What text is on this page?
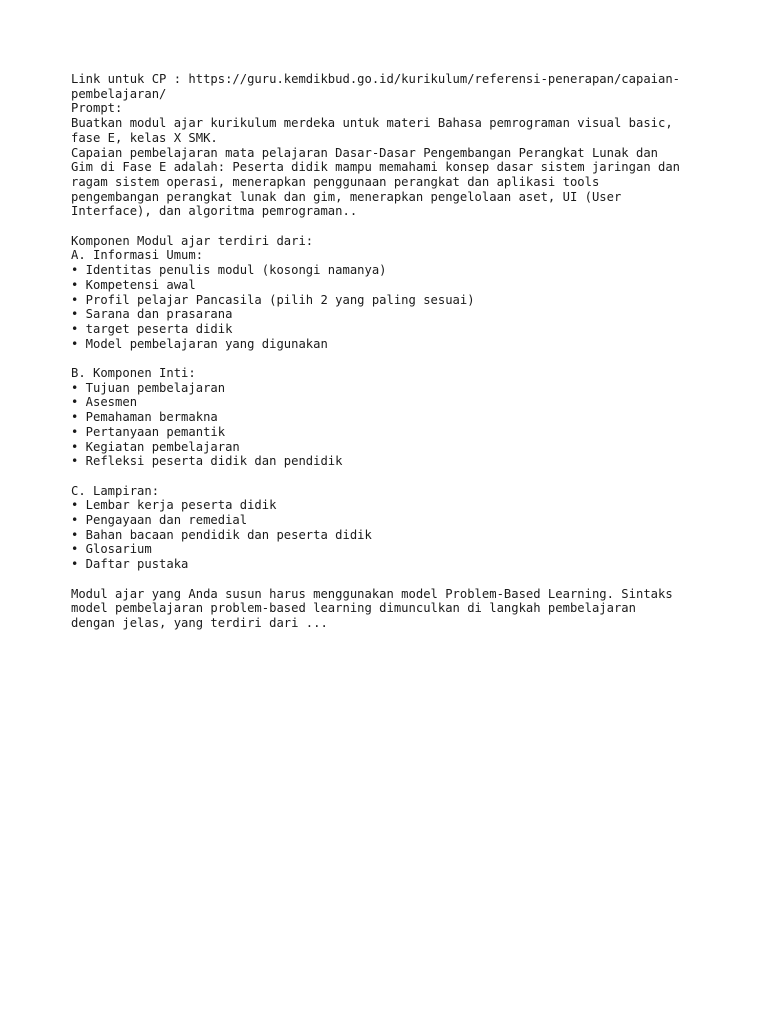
Link untuk CP : https://guru.kemdikbud.go.id/kurikulum/referensi-penerapan/capaian-
pembelajaran/
Prompt:
Buatkan modul ajar kurikulum merdeka untuk materi Bahasa pemrograman visual basic,
fase E, kelas X SMK.
Capaian pembelajaran mata pelajaran Dasar-Dasar Pengembangan Perangkat Lunak dan
Gim di Fase E adalah: Peserta didik mampu memahami konsep dasar sistem jaringan dan
ragam sistem operasi, menerapkan penggunaan perangkat dan aplikasi tools
pengembangan perangkat lunak dan gim, menerapkan pengelolaan aset, UI (User
Interface), dan algoritma pemrograman..
Komponen Modul ajar terdiri dari:
A. Informasi Umum:
• Identitas penulis modul (kosongi namanya)
• Kompetensi awal
• Profil pelajar Pancasila (pilih 2 yang paling sesuai)
• Sarana dan prasarana
• target peserta didik
• Model pembelajaran yang digunakan
B. Komponen Inti:
• Tujuan pembelajaran
• Asesmen
• Pemahaman bermakna
• Pertanyaan pemantik
• Kegiatan pembelajaran
• Refleksi peserta didik dan pendidik
C. Lampiran:
• Lembar kerja peserta didik
• Pengayaan dan remedial
• Bahan bacaan pendidik dan peserta didik
• Glosarium
• Daftar pustaka
Modul ajar yang Anda susun harus menggunakan model Problem-Based Learning. Sintaks
model pembelajaran problem-based learning dimunculkan di langkah pembelajaran
dengan jelas, yang terdiri dari ...
